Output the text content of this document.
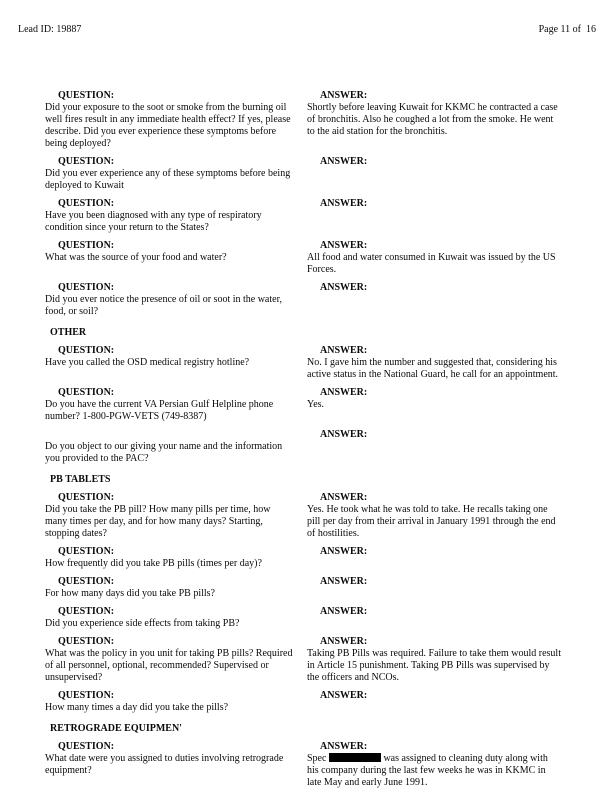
Lead ID: 19887	Page 11 of  16
QUESTION:
Did your exposure to the soot or smoke from the burning oil well fires result in any immediate health effect? If yes, please describe. Did you ever experience these symptoms before being deployed?
ANSWER:
Shortly before leaving Kuwait for KKMC he contracted a case of bronchitis. Also he coughed a lot from the smoke. He went to the aid station for the bronchitis.
QUESTION:
Did you ever experience any of these symptoms before being deployed to Kuwait
ANSWER:
QUESTION:
Have you been diagnosed with any type of respiratory condition since your return to the States?
ANSWER:
QUESTION:
What was the source of your food and water?
ANSWER:
All food and water consumed in Kuwait was issued by the US Forces.
QUESTION:
Did you ever notice the presence of oil or soot in the water, food, or soil?
ANSWER:
OTHER
QUESTION:
Have you called the OSD medical registry hotline?
ANSWER:
No. I gave him the number and suggested that, considering his active status in the National Guard, he call for an appointment.
QUESTION:
Do you have the current VA Persian Gulf Helpline phone number? 1-800-PGW-VETS (749-8387)
ANSWER:
Yes.
Do you object to our giving your name and the information you provided to the PAC?
ANSWER:
PB TABLETS
QUESTION:
Did you take the PB pill? How many pills per time, how many times per day, and for how many days? Starting, stopping dates?
ANSWER:
Yes. He took what he was told to take. He recalls taking one pill per day from their arrival in January 1991 through the end of hostilities.
QUESTION:
How frequently did you take PB pills (times per day)?
ANSWER:
QUESTION:
For how many days did you take PB pills?
ANSWER:
QUESTION:
Did you experience side effects from taking PB?
ANSWER:
QUESTION:
What was the policy in you unit for taking PB pills? Required of all personnel, optional, recommended? Supervised or unsupervised?
ANSWER:
Taking PB Pills was required. Failure to take them would result in Article 15 punishment. Taking PB Pills was supervised by the officers and NCOs.
QUESTION:
How many times a day did you take the pills?
ANSWER:
RETROGRADE EQUIPMEN'
QUESTION:
What date were you assigned to duties involving retrograde equipment?
ANSWER:
Spec	was assigned to cleaning duty along with his company during the last few weeks he was in KKMC in late May and early June 1991.
